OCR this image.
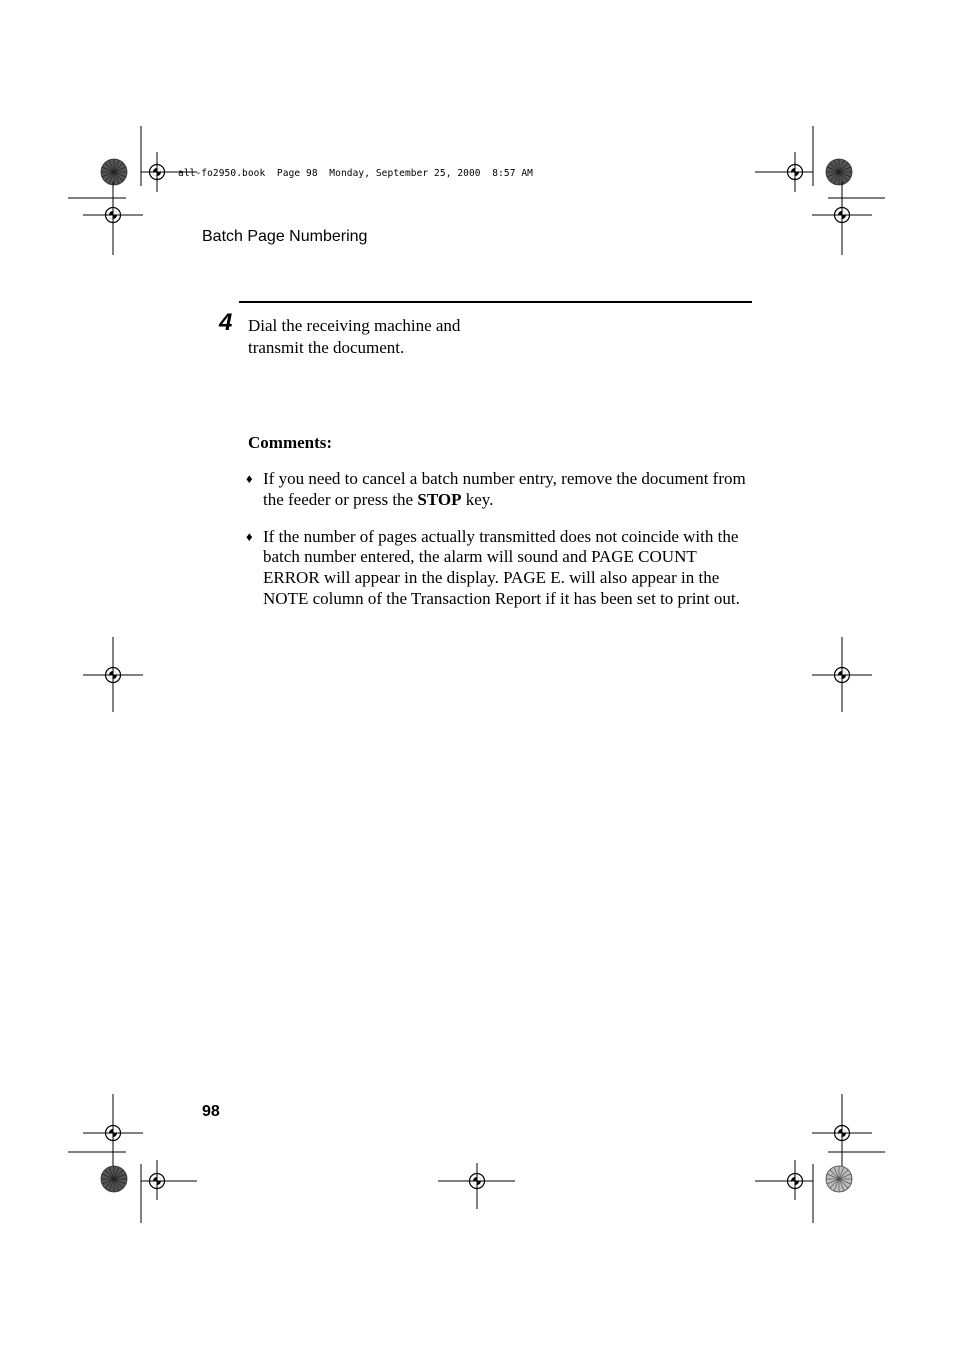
all-fo2950.book  Page 98  Monday, September 25, 2000  8:57 AM
Batch Page Numbering
4 Dial the receiving machine and
transmit the document.
Comments:
♦ If you need to cancel a batch number entry, remove the document from the feeder or press the STOP key.
♦ If the number of pages actually transmitted does not coincide with the batch number entered, the alarm will sound and PAGE COUNT ERROR will appear in the display. PAGE E. will also appear in the NOTE column of the Transaction Report if it has been set to print out.
98
